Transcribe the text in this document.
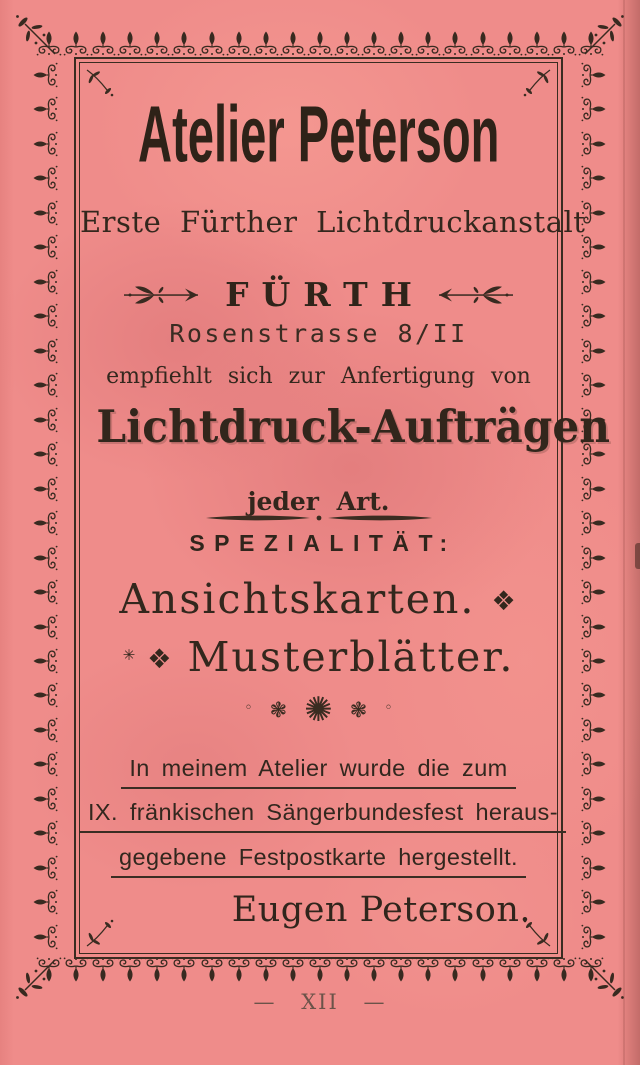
Atelier Peterson
Erste Fürther Lichtdruckanstalt
FÜRTH
Rosenstrasse 8/II
empfiehlt sich zur Anfertigung von
Lichtdruck-Aufträgen
jeder Art.
SPEZIALITÄT:
Ansichtskarten. ❖
✳ ❖ Musterblätter.
◦ ❃ ✺ ❃ ◦
In meinem Atelier wurde die zum
IX. fränkischen Sängerbundesfest heraus-
gegebene Festpostkarte hergestellt.
Eugen Peterson.
— XII —
